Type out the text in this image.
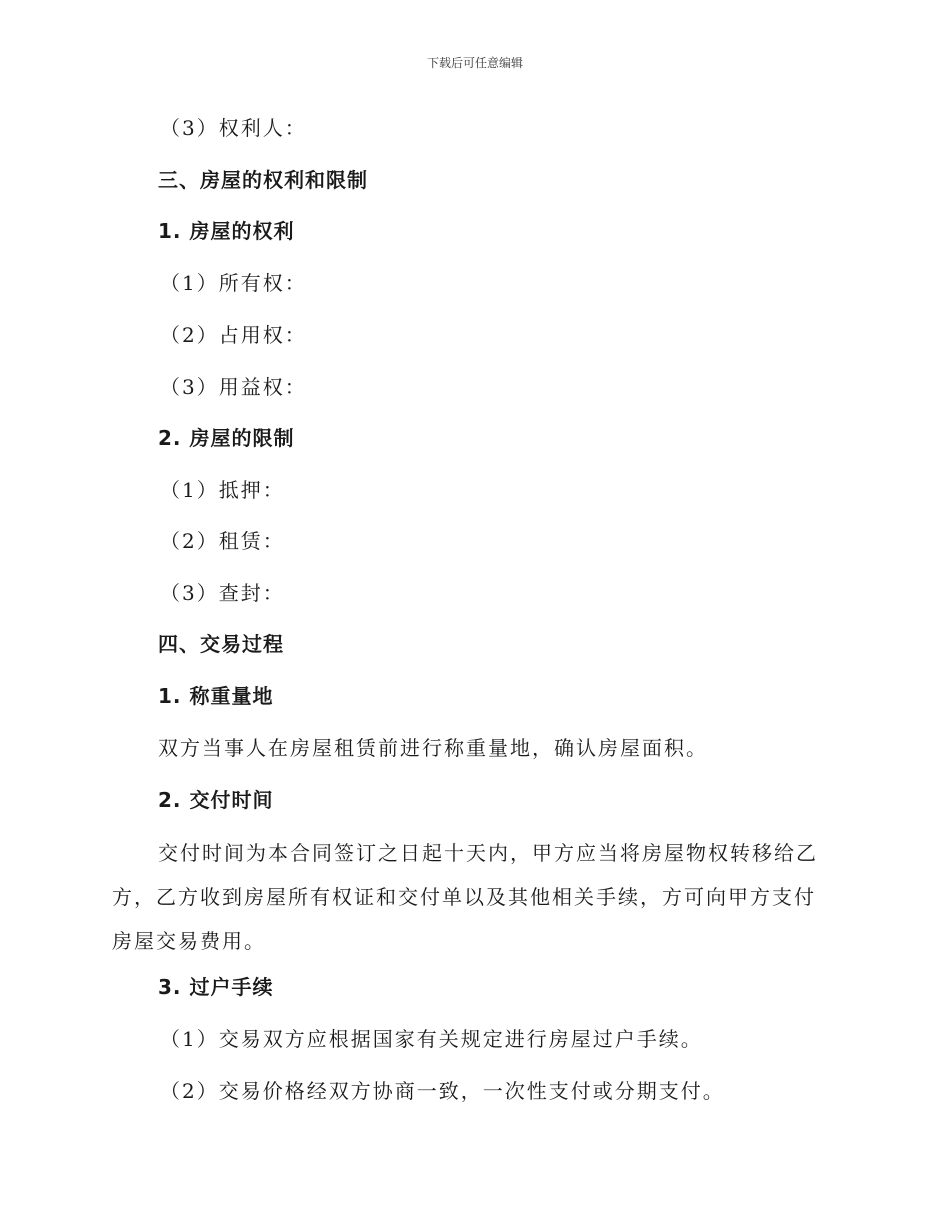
下载后可任意编辑
（3）权利人：
三、房屋的权利和限制
1. 房屋的权利
（1）所有权：
（2）占用权：
（3）用益权：
2. 房屋的限制
（1）抵押：
（2）租赁：
（3）查封：
四、交易过程
1. 称重量地
双方当事人在房屋租赁前进行称重量地，确认房屋面积。
2. 交付时间
交付时间为本合同签订之日起十天内，甲方应当将房屋物权转移给乙方，乙方收到房屋所有权证和交付单以及其他相关手续，方可向甲方支付房屋交易费用。
3. 过户手续
（1）交易双方应根据国家有关规定进行房屋过户手续。
（2）交易价格经双方协商一致，一次性支付或分期支付。
